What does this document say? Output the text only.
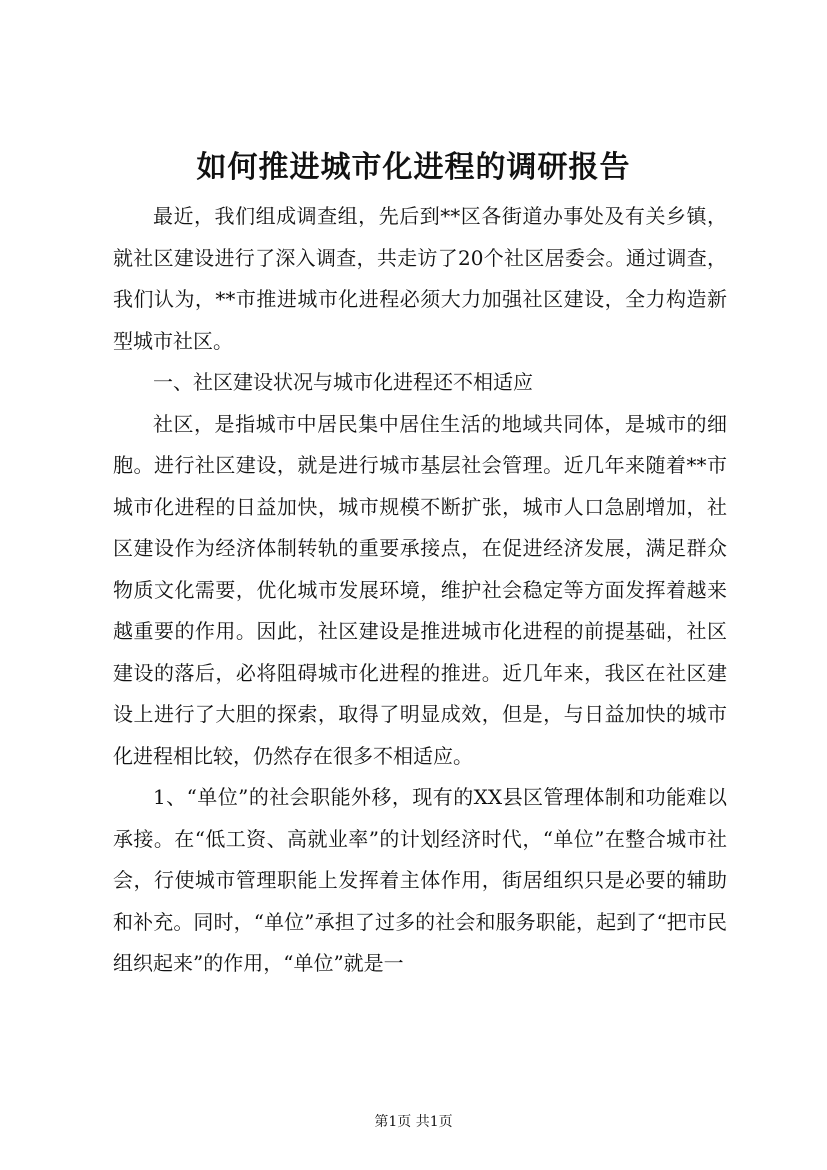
如何推进城市化进程的调研报告

最近，我们组成调查组，先后到**区各街道办事处及有关乡镇，就社区建设进行了深入调查，共走访了20个社区居委会。通过调查，我们认为，**市推进城市化进程必须大力加强社区建设，全力构造新型城市社区。

一、社区建设状况与城市化进程还不相适应

社区，是指城市中居民集中居住生活的地域共同体，是城市的细胞。进行社区建设，就是进行城市基层社会管理。近几年来随着**市城市化进程的日益加快，城市规模不断扩张，城市人口急剧增加，社区建设作为经济体制转轨的重要承接点，在促进经济发展，满足群众物质文化需要，优化城市发展环境，维护社会稳定等方面发挥着越来越重要的作用。因此，社区建设是推进城市化进程的前提基础，社区建设的落后，必将阻碍城市化进程的推进。近几年来，我区在社区建设上进行了大胆的探索，取得了明显成效，但是，与日益加快的城市化进程相比较，仍然存在很多不相适应。

1、“单位”的社会职能外移，现有的XX县区管理体制和功能难以承接。在“低工资、高就业率”的计划经济时代，“单位”在整合城市社会，行使城市管理职能上发挥着主体作用，街居组织只是必要的辅助和补充。同时，“单位”承担了过多的社会和服务职能，起到了“把市民组织起来”的作用，“单位”就是一

第1页 共1页
